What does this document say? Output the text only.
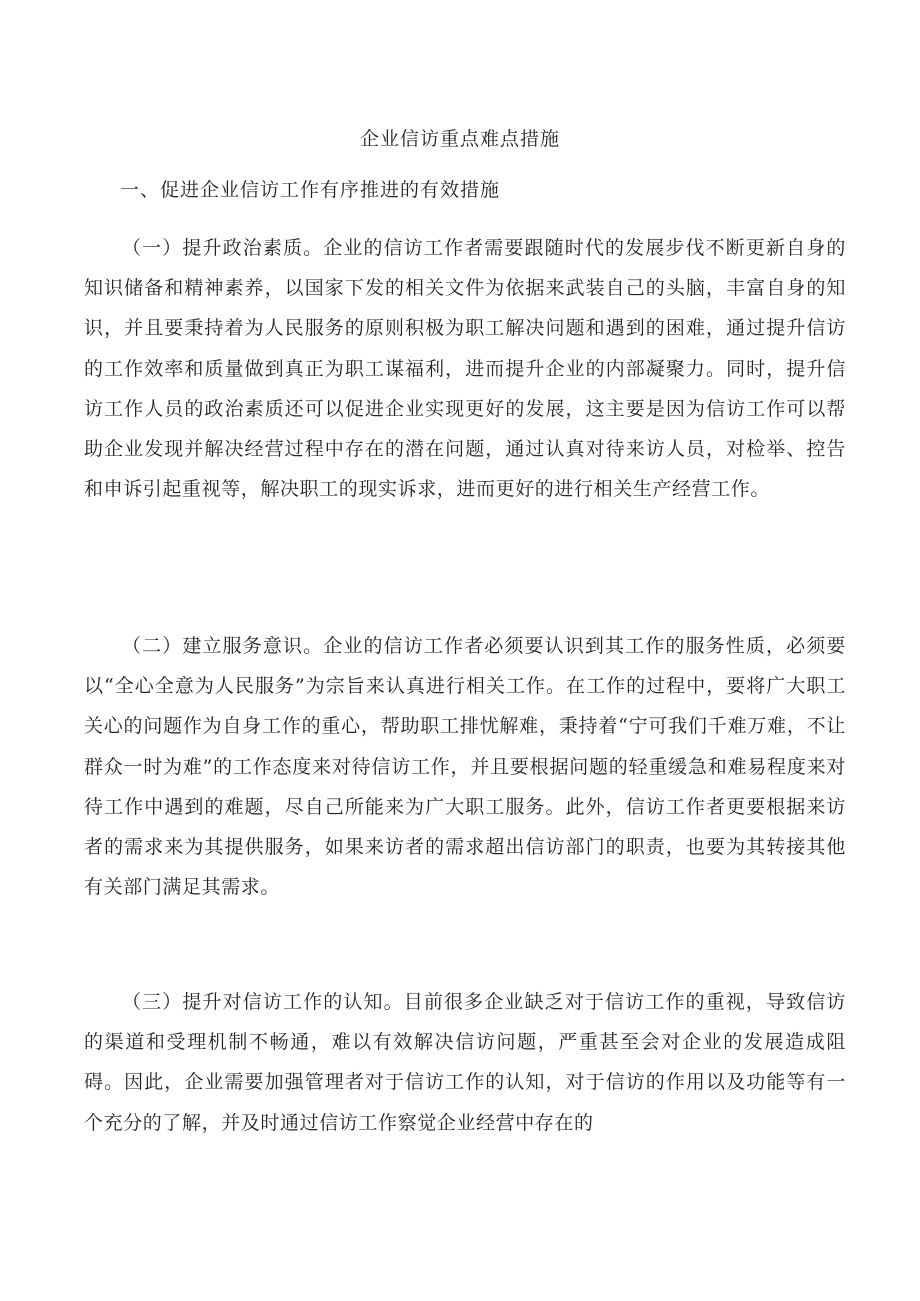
企业信访重点难点措施
一、促进企业信访工作有序推进的有效措施

（一）提升政治素质。企业的信访工作者需要跟随时代的发展步伐不断更新自身的知识储备和精神素养，以国家下发的相关文件为依据来武装自己的头脑，丰富自身的知识，并且要秉持着为人民服务的原则积极为职工解决问题和遇到的困难，通过提升信访的工作效率和质量做到真正为职工谋福利，进而提升企业的内部凝聚力。同时，提升信访工作人员的政治素质还可以促进企业实现更好的发展，这主要是因为信访工作可以帮助企业发现并解决经营过程中存在的潜在问题，通过认真对待来访人员，对检举、控告和申诉引起重视等，解决职工的现实诉求，进而更好的进行相关生产经营工作。

（二）建立服务意识。企业的信访工作者必须要认识到其工作的服务性质，必须要以“全心全意为人民服务”为宗旨来认真进行相关工作。在工作的过程中，要将广大职工关心的问题作为自身工作的重心，帮助职工排忧解难，秉持着“宁可我们千难万难，不让群众一时为难”的工作态度来对待信访工作，并且要根据问题的轻重缓急和难易程度来对待工作中遇到的难题，尽自己所能来为广大职工服务。此外，信访工作者更要根据来访者的需求来为其提供服务，如果来访者的需求超出信访部门的职责，也要为其转接其他有关部门满足其需求。

（三）提升对信访工作的认知。目前很多企业缺乏对于信访工作的重视，导致信访的渠道和受理机制不畅通，难以有效解决信访问题，严重甚至会对企业的发展造成阻碍。因此，企业需要加强管理者对于信访工作的认知，对于信访的作用以及功能等有一个充分的了解，并及时通过信访工作察觉企业经营中存在的
